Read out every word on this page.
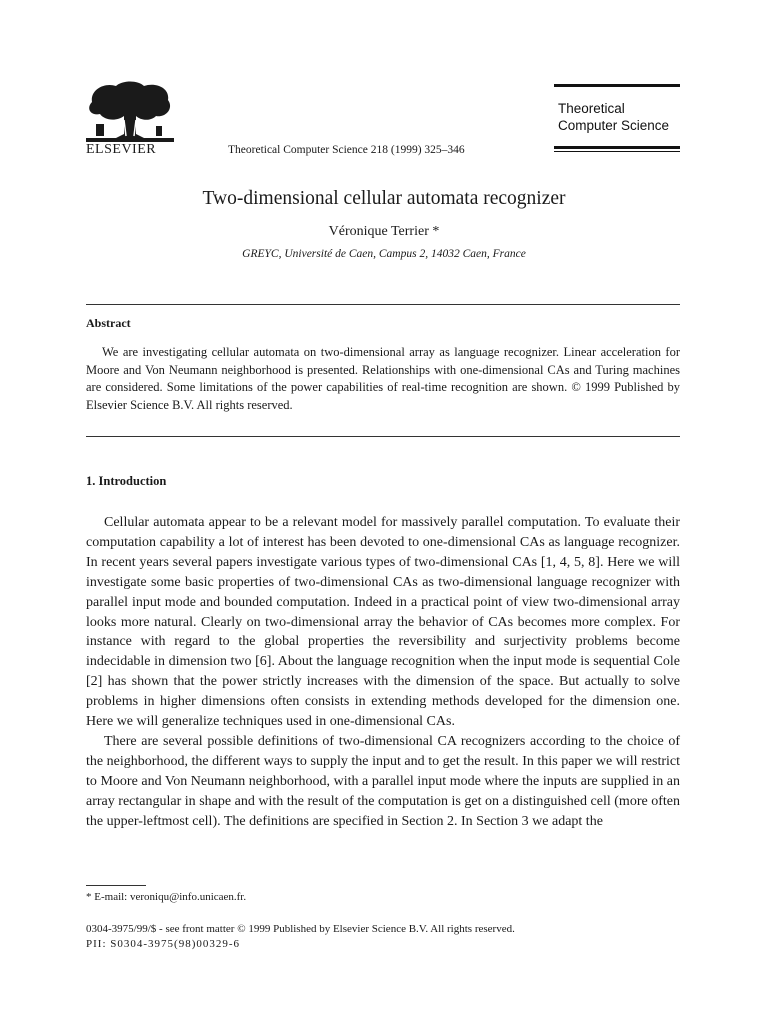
ELSEVIER	Theoretical Computer Science 218 (1999) 325–346
Theoretical
Computer Science
Two-dimensional cellular automata recognizer
Véronique Terrier *
GREYC, Université de Caen, Campus 2, 14032 Caen, France
Abstract

We are investigating cellular automata on two-dimensional array as language recognizer. Linear acceleration for Moore and Von Neumann neighborhood is presented. Relationships with one-dimensional CAs and Turing machines are considered. Some limitations of the power capabilities of real-time recognition are shown. © 1999 Published by Elsevier Science B.V. All rights reserved.

1. Introduction

Cellular automata appear to be a relevant model for massively parallel computation. To evaluate their computation capability a lot of interest has been devoted to one-dimensional CAs as language recognizer. In recent years several papers investigate various types of two-dimensional CAs [1, 4, 5, 8]. Here we will investigate some basic properties of two-dimensional CAs as two-dimensional language recognizer with parallel input mode and bounded computation. Indeed in a practical point of view two-dimensional array looks more natural. Clearly on two-dimensional array the behavior of CAs becomes more complex. For instance with regard to the global properties the reversibility and surjectivity problems become indecidable in dimension two [6]. About the language recognition when the input mode is sequential Cole [2] has shown that the power strictly increases with the dimension of the space. But actually to solve problems in higher dimensions often consists in extending methods developed for the dimension one. Here we will generalize techniques used in one-dimensional CAs.

There are several possible definitions of two-dimensional CA recognizers according to the choice of the neighborhood, the different ways to supply the input and to get the result. In this paper we will restrict to Moore and Von Neumann neighborhood, with a parallel input mode where the inputs are supplied in an array rectangular in shape and with the result of the computation is get on a distinguished cell (more often the upper-leftmost cell). The definitions are specified in Section 2. In Section 3 we adapt the

* E-mail: veroniqu@info.unicaen.fr.
0304-3975/99/$ - see front matter © 1999 Published by Elsevier Science B.V. All rights reserved.
PII: S0304-3975(98)00329-6
